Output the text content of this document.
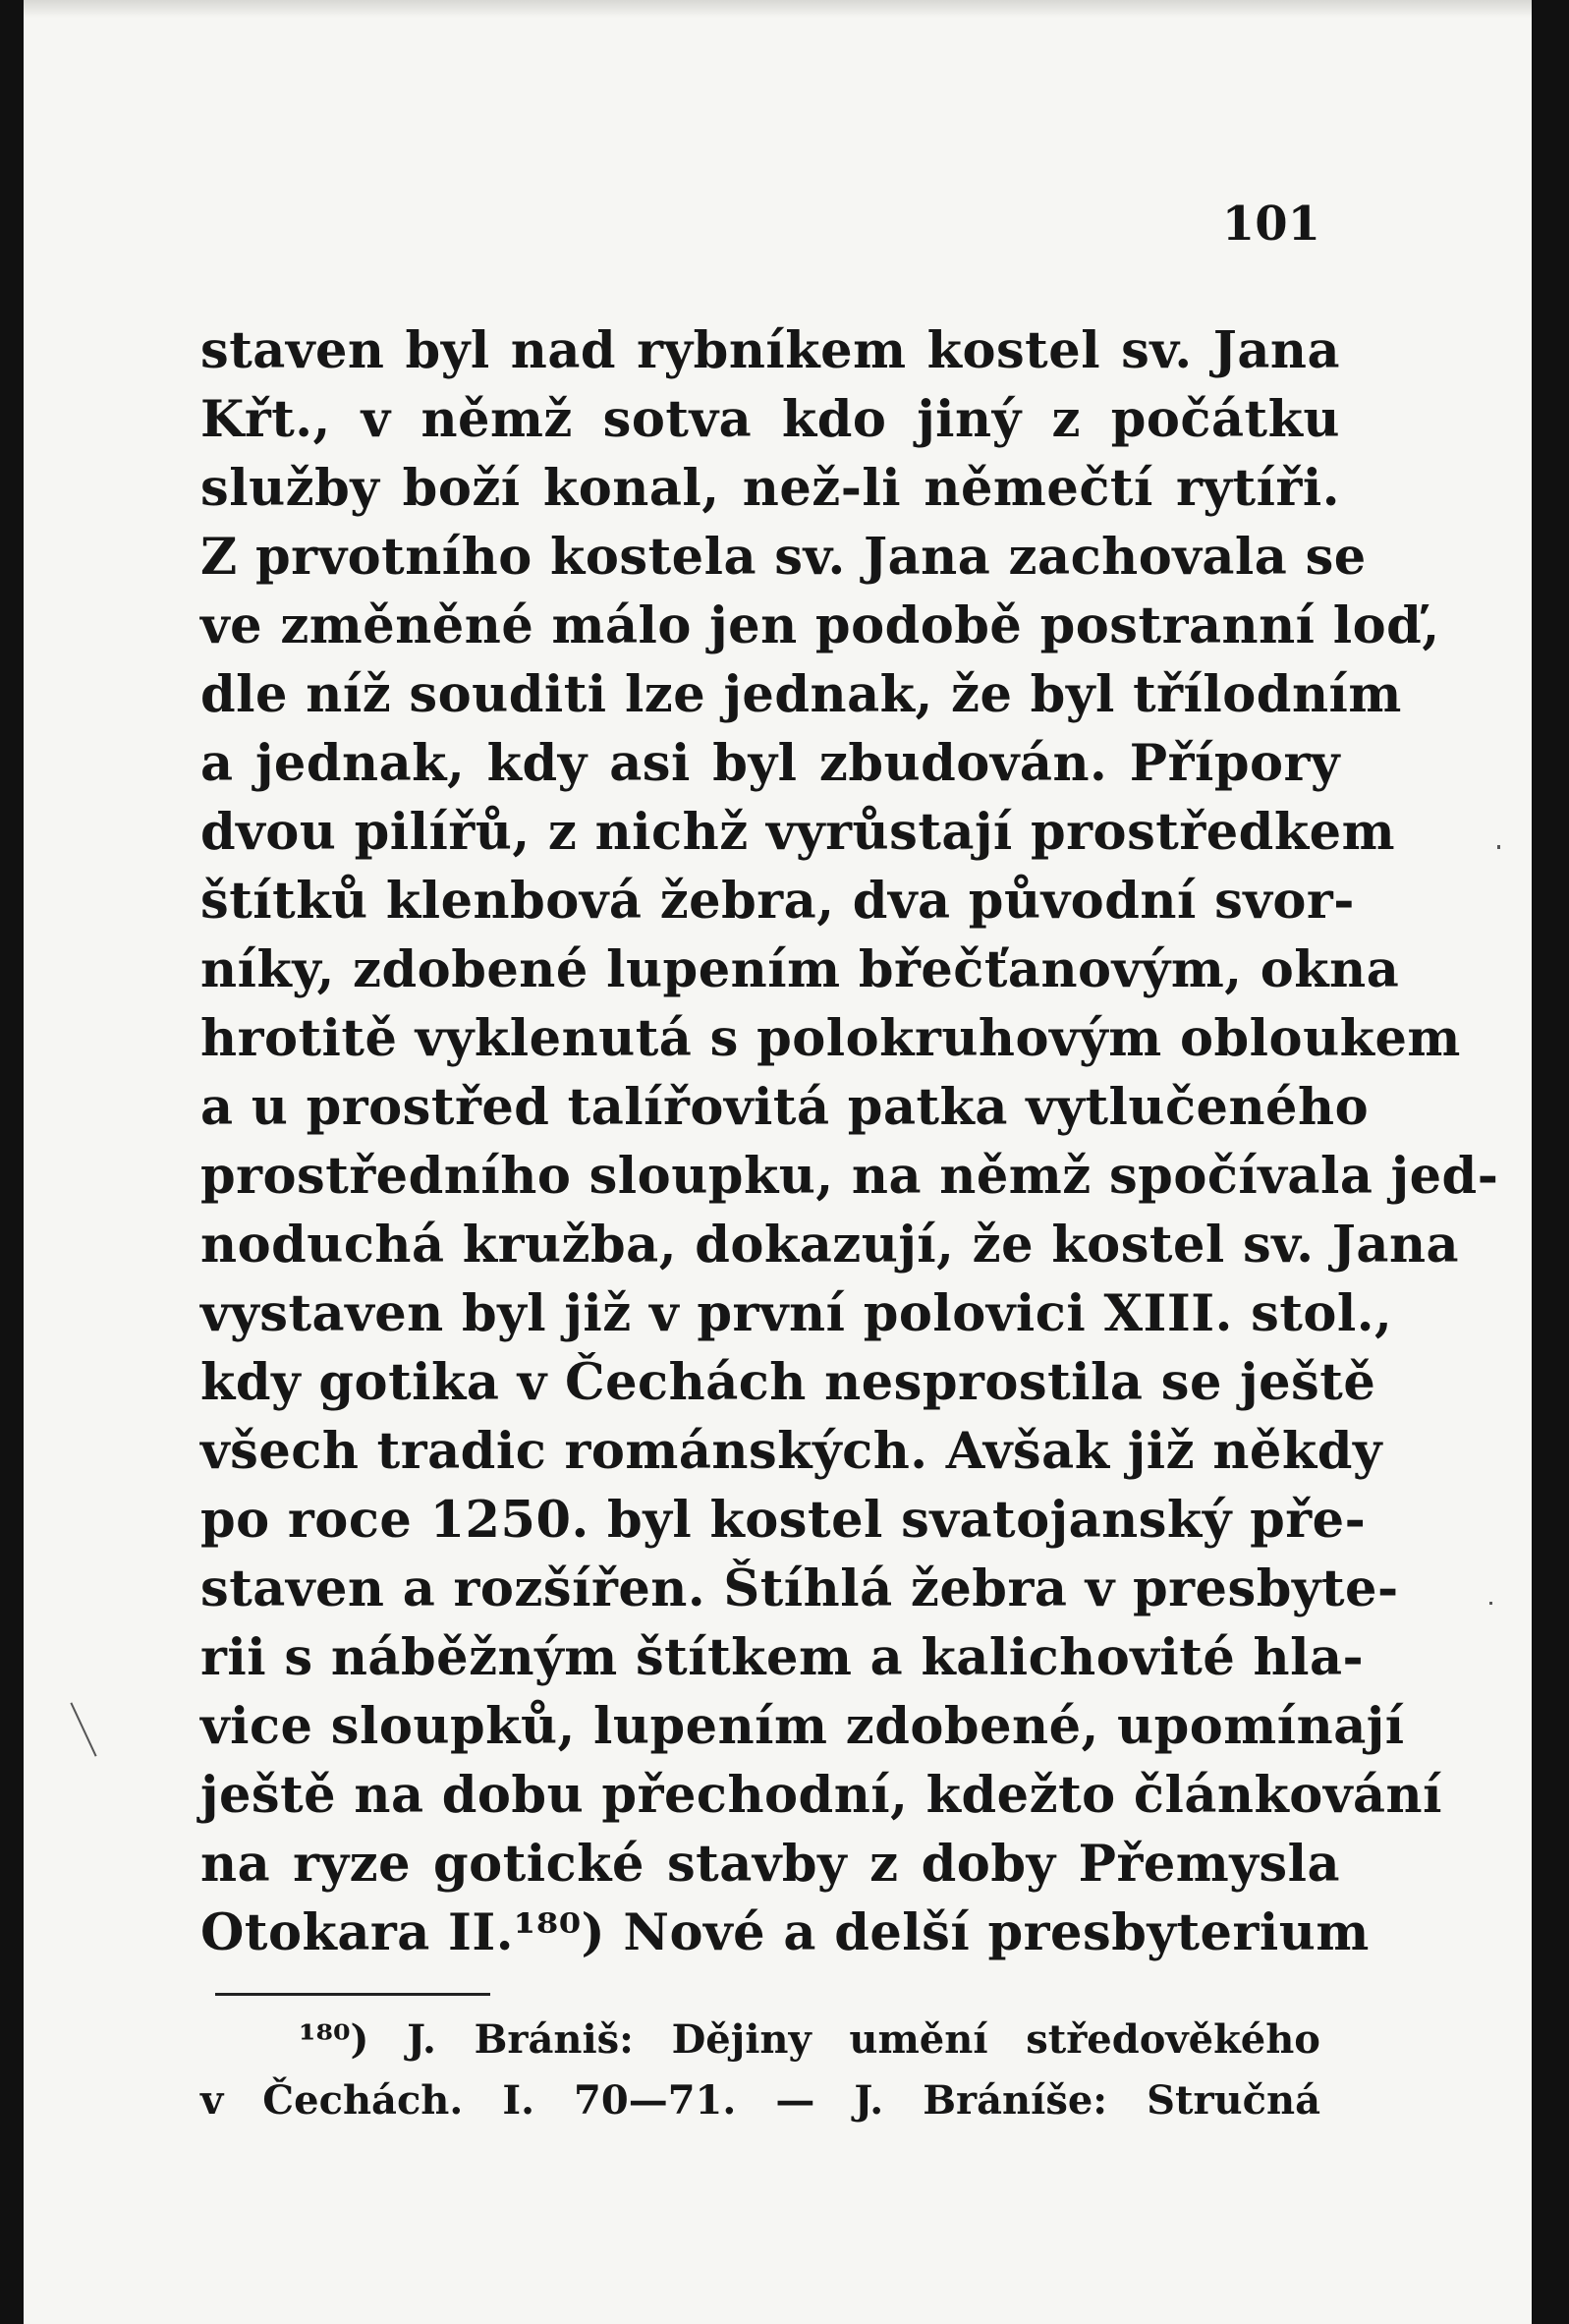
101
staven byl nad rybníkem kostel sv. Jana
Křt., v němž sotva kdo jiný z počátku
služby boží konal, než-li němečtí rytíři.
Z prvotního kostela sv. Jana zachovala se
ve změněné málo jen podobě postranní loď,
dle níž souditi lze jednak, že byl třílodním
a jednak, kdy asi byl zbudován. Přípory
dvou pilířů, z nichž vyrůstají prostředkem
štítků klenbová žebra, dva původní svor-
níky, zdobené lupením břečťanovým, okna
hrotitě vyklenutá s polokruhovým obloukem
a u prostřed talířovitá patka vytlučeného
prostředního sloupku, na němž spočívala jed-
noduchá kružba, dokazují, že kostel sv. Jana
vystaven byl již v první polovici XIII. stol.,
kdy gotika v Čechách nesprostila se ještě
všech tradic románských. Avšak již někdy
po roce 1250. byl kostel svatojanský pře-
staven a rozšířen. Štíhlá žebra v presbyte-
rii s náběžným štítkem a kalichovité hla-
vice sloupků, lupením zdobené, upomínají
ještě na dobu přechodní, kdežto článkování
na ryze gotické stavby z doby Přemysla
Otokara II.¹⁸⁰) Nové a delší presbyterium
¹⁸⁰) J. Brániš: Dějiny umění středověkého
v Čechách. I. 70—71. — J. Bráníše: Stručná
